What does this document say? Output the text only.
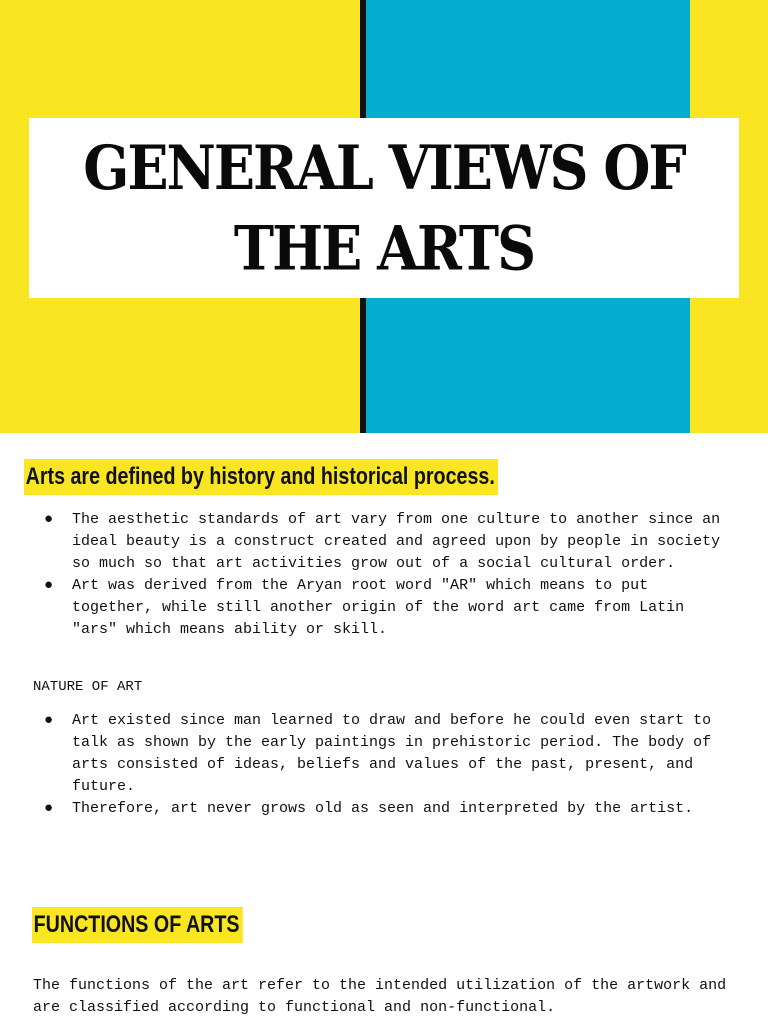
GENERAL VIEWS OF
THE ARTS
Arts are defined by history and historical process.
● The aesthetic standards of art vary from one culture to another since an ideal beauty is a construct created and agreed upon by people in society so much so that art activities grow out of a social cultural order.
● Art was derived from the Aryan root word "AR" which means to put together, while still another origin of the word art came from Latin "ars" which means ability or skill.

NATURE OF ART

● Art existed since man learned to draw and before he could even start to talk as shown by the early paintings in prehistoric period. The body of arts consisted of ideas, beliefs and values of the past, present, and future.
● Therefore, art never grows old as seen and interpreted by the artist.
FUNCTIONS OF ARTS

The functions of the art refer to the intended utilization of the artwork and are classified according to functional and non-functional.
